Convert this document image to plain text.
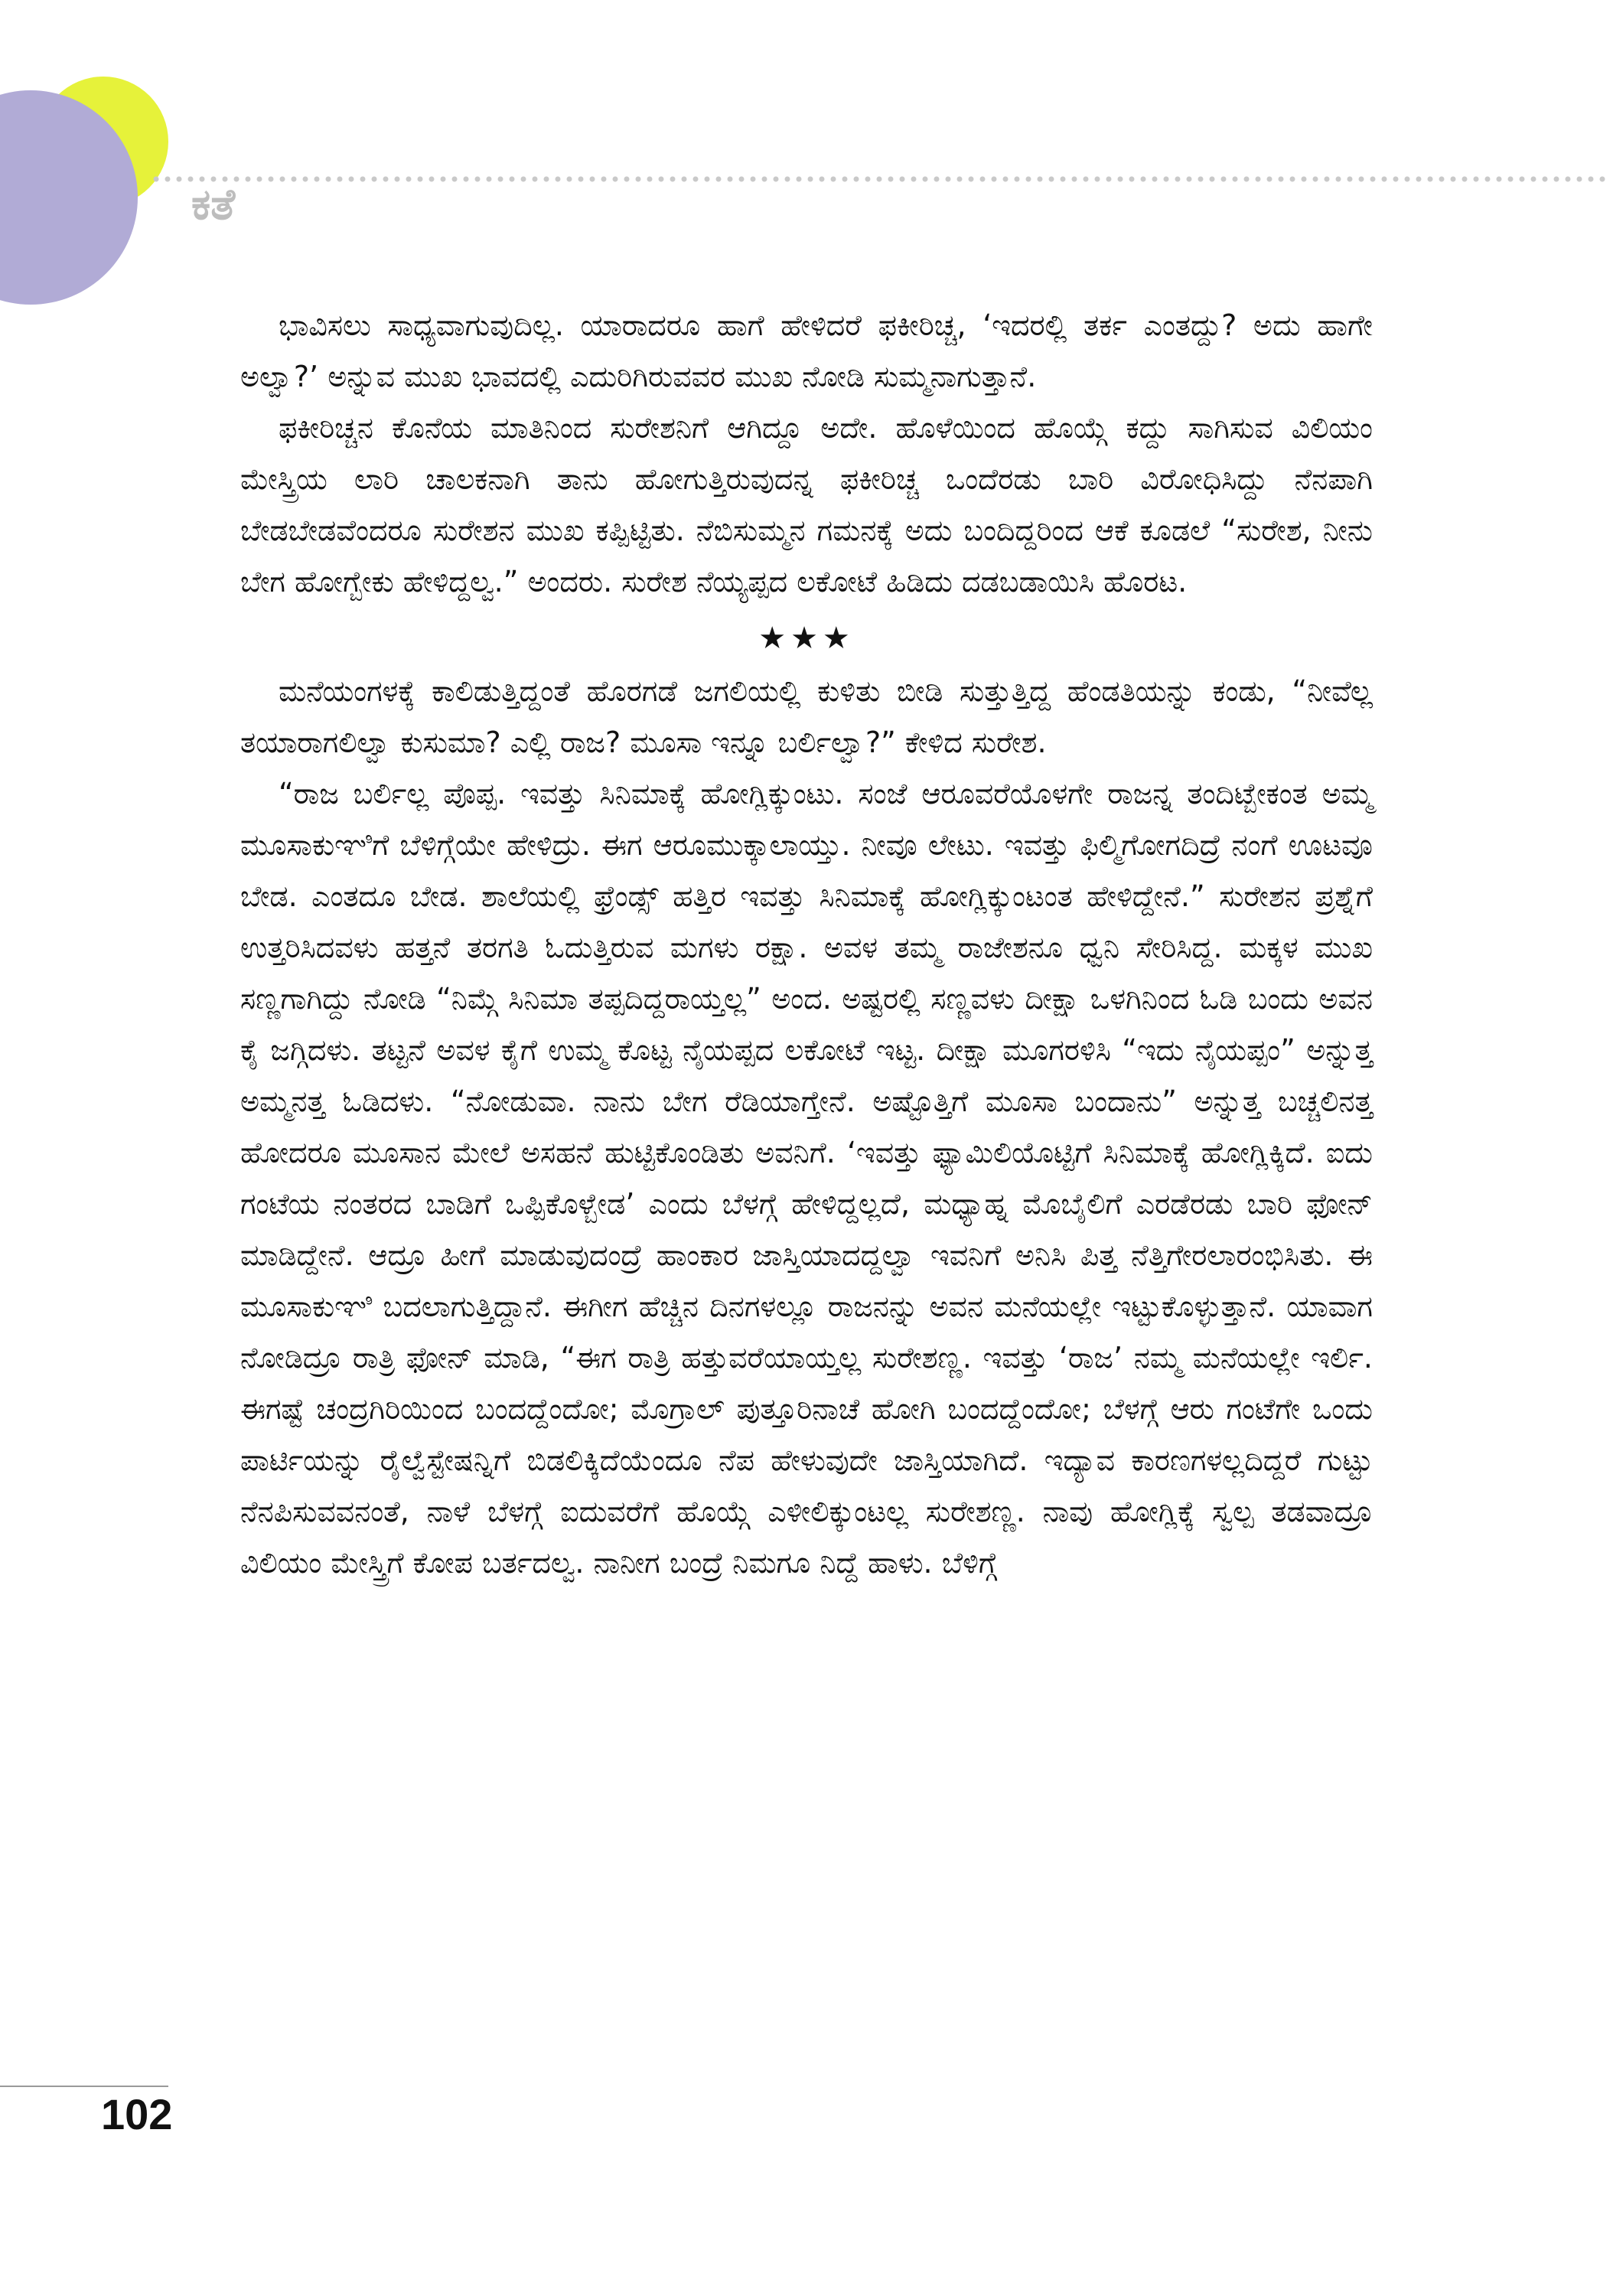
ಕತೆ

ಭಾವಿಸಲು ಸಾಧ್ಯವಾಗುವುದಿಲ್ಲ. ಯಾರಾದರೂ ಹಾಗೆ ಹೇಳಿದರೆ ಫಕೀರಿಚ್ಚ, ‘ಇದರಲ್ಲಿ ತರ್ಕ ಎಂತದ್ದು? ಅದು ಹಾಗೇ ಅಲ್ವಾ?’ ಅನ್ನುವ ಮುಖ ಭಾವದಲ್ಲಿ ಎದುರಿಗಿರುವವರ ಮುಖ ನೋಡಿ ಸುಮ್ಮನಾಗುತ್ತಾನೆ.

ಫಕೀರಿಚ್ಚನ ಕೊನೆಯ ಮಾತಿನಿಂದ ಸುರೇಶನಿಗೆ ಆಗಿದ್ದೂ ಅದೇ. ಹೊಳೆಯಿಂದ ಹೊಯ್ಗೆ ಕದ್ದು ಸಾಗಿಸುವ ವಿಲಿಯಂ ಮೇಸ್ತ್ರಿಯ ಲಾರಿ ಚಾಲಕನಾಗಿ ತಾನು ಹೋಗುತ್ತಿರುವುದನ್ನ ಫಕೀರಿಚ್ಚ ಒಂದೆರಡು ಬಾರಿ ವಿರೋಧಿಸಿದ್ದು ನೆನಪಾಗಿ ಬೇಡಬೇಡವೆಂದರೂ ಸುರೇಶನ ಮುಖ ಕಪ್ಪಿಟ್ಟಿತು. ನೆಬಿಸುಮ್ಮನ ಗಮನಕ್ಕೆ ಅದು ಬಂದಿದ್ದರಿಂದ ಆಕೆ ಕೂಡಲೆ “ಸುರೇಶ, ನೀನು ಬೇಗ ಹೋಗ್ಬೇಕು ಹೇಳಿದ್ದಲ್ವ.” ಅಂದರು. ಸುರೇಶ ನೆಯ್ಯಪ್ಪದ ಲಕೋಟೆ ಹಿಡಿದು ದಡಬಡಾಯಿಸಿ ಹೊರಟ.

★★★

ಮನೆಯಂಗಳಕ್ಕೆ ಕಾಲಿಡುತ್ತಿದ್ದಂತೆ ಹೊರಗಡೆ ಜಗಲಿಯಲ್ಲಿ ಕುಳಿತು ಬೀಡಿ ಸುತ್ತುತ್ತಿದ್ದ ಹೆಂಡತಿಯನ್ನು ಕಂಡು, “ನೀವೆಲ್ಲ ತಯಾರಾಗಲಿಲ್ವಾ ಕುಸುಮಾ? ಎಲ್ಲಿ ರಾಜ? ಮೂಸಾ ಇನ್ನೂ ಬರ್ಲಿಲ್ವಾ?” ಕೇಳಿದ ಸುರೇಶ.

“ರಾಜ ಬರ್ಲಿಲ್ಲ ಪೊಪ್ಪ. ಇವತ್ತು ಸಿನಿಮಾಕ್ಕೆ ಹೋಗ್ಲಿಕ್ಕುಂಟು. ಸಂಜೆ ಆರೂವರೆಯೊಳಗೇ ರಾಜನ್ನ ತಂದಿಟ್ಬೇಕಂತ ಅಮ್ಮ ಮೂಸಾಕುಞಿಗೆ ಬೆಳಿಗ್ಗೆಯೇ ಹೇಳಿದ್ರು. ಈಗ ಆರೂಮುಕ್ಕಾಲಾಯ್ತು. ನೀವೂ ಲೇಟು. ಇವತ್ತು ಫಿಲ್ಮಿಗೋಗದಿದ್ರೆ ನಂಗೆ ಊಟವೂ ಬೇಡ. ಎಂತದೂ ಬೇಡ. ಶಾಲೆಯಲ್ಲಿ ಫ್ರೆಂಡ್ಸ್ ಹತ್ತಿರ ಇವತ್ತು ಸಿನಿಮಾಕ್ಕೆ ಹೋಗ್ಲಿಕ್ಕುಂಟಂತ ಹೇಳಿದ್ದೇನೆ.” ಸುರೇಶನ ಪ್ರಶ್ನೆಗೆ ಉತ್ತರಿಸಿದವಳು ಹತ್ತನೆ ತರಗತಿ ಓದುತ್ತಿರುವ ಮಗಳು ರಕ್ಷಾ. ಅವಳ ತಮ್ಮ ರಾಜೇಶನೂ ಧ್ವನಿ ಸೇರಿಸಿದ್ದ. ಮಕ್ಕಳ ಮುಖ ಸಣ್ಣಗಾಗಿದ್ದು ನೋಡಿ “ನಿಮ್ಗೆ ಸಿನಿಮಾ ತಪ್ಪದಿದ್ದರಾಯ್ತಲ್ಲ” ಅಂದ. ಅಷ್ಟರಲ್ಲಿ ಸಣ್ಣವಳು ದೀಕ್ಷಾ ಒಳಗಿನಿಂದ ಓಡಿ ಬಂದು ಅವನ ಕೈ ಜಗ್ಗಿದಳು. ತಟ್ಟನೆ ಅವಳ ಕೈಗೆ ಉಮ್ಮ ಕೊಟ್ಟ ನೈಯಪ್ಪದ ಲಕೋಟೆ ಇಟ್ಟ. ದೀಕ್ಷಾ ಮೂಗರಳಿಸಿ “ಇದು ನೈಯಪ್ಪಂ” ಅನ್ನುತ್ತ ಅಮ್ಮನತ್ತ ಓಡಿದಳು. “ನೋಡುವಾ. ನಾನು ಬೇಗ ರೆಡಿಯಾಗ್ತೇನೆ. ಅಷ್ಟೊತ್ತಿಗೆ ಮೂಸಾ ಬಂದಾನು” ಅನ್ನುತ್ತ ಬಚ್ಚಲಿನತ್ತ ಹೋದರೂ ಮೂಸಾನ ಮೇಲೆ ಅಸಹನೆ ಹುಟ್ಟಿಕೊಂಡಿತು ಅವನಿಗೆ. ‘ಇವತ್ತು ಫ್ಯಾಮಿಲಿಯೊಟ್ಟಿಗೆ ಸಿನಿಮಾಕ್ಕೆ ಹೋಗ್ಲಿಕ್ಕಿದೆ. ಐದು ಗಂಟೆಯ ನಂತರದ ಬಾಡಿಗೆ ಒಪ್ಪಿಕೊಳ್ಬೇಡ’ ಎಂದು ಬೆಳಗ್ಗೆ ಹೇಳಿದ್ದಲ್ಲದೆ, ಮಧ್ಯಾಹ್ನ ಮೊಬೈಲಿಗೆ ಎರಡೆರಡು ಬಾರಿ ಫೋನ್ ಮಾಡಿದ್ದೇನೆ. ಆದ್ರೂ ಹೀಗೆ ಮಾಡುವುದಂದ್ರೆ ಹಾಂಕಾರ ಜಾಸ್ತಿಯಾದದ್ದಲ್ವಾ ಇವನಿಗೆ ಅನಿಸಿ ಪಿತ್ತ ನೆತ್ತಿಗೇರಲಾರಂಭಿಸಿತು. ಈ ಮೂಸಾಕುಞಿ ಬದಲಾಗುತ್ತಿದ್ದಾನೆ. ಈಗೀಗ ಹೆಚ್ಚಿನ ದಿನಗಳಲ್ಲೂ ರಾಜನನ್ನು ಅವನ ಮನೆಯಲ್ಲೇ ಇಟ್ಟುಕೊಳ್ಳುತ್ತಾನೆ. ಯಾವಾಗ ನೋಡಿದ್ರೂ ರಾತ್ರಿ ಫೋನ್ ಮಾಡಿ, “ಈಗ ರಾತ್ರಿ ಹತ್ತುವರೆಯಾಯ್ತಲ್ಲ ಸುರೇಶಣ್ಣ. ಇವತ್ತು ‘ರಾಜ’ ನಮ್ಮ ಮನೆಯಲ್ಲೇ ಇರ್ಲಿ. ಈಗಷ್ಟೆ ಚಂದ್ರಗಿರಿಯಿಂದ ಬಂದದ್ದೆಂದೋ; ಮೊಗ್ರಾಲ್ ಪುತ್ತೂರಿನಾಚೆ ಹೋಗಿ ಬಂದದ್ದೆಂದೋ; ಬೆಳಗ್ಗೆ ಆರು ಗಂಟೆಗೇ ಒಂದು ಪಾರ್ಟಿಯನ್ನು ರೈಲ್ವೆಸ್ಟೇಷನ್ನಿಗೆ ಬಿಡಲಿಕ್ಕಿದೆಯೆಂದೂ ನೆಪ ಹೇಳುವುದೇ ಜಾಸ್ತಿಯಾಗಿದೆ. ಇದ್ಯಾವ ಕಾರಣಗಳಲ್ಲದಿದ್ದರೆ ಗುಟ್ಟು ನೆನಪಿಸುವವನಂತೆ, ನಾಳೆ ಬೆಳಗ್ಗೆ ಐದುವರೆಗೆ ಹೊಯ್ಗೆ ಎಳೀಲಿಕ್ಕುಂಟಲ್ಲ ಸುರೇಶಣ್ಣ. ನಾವು ಹೋಗ್ಲಿಕ್ಕೆ ಸ್ವಲ್ಪ ತಡವಾದ್ರೂ ವಿಲಿಯಂ ಮೇಸ್ತ್ರಿಗೆ ಕೋಪ ಬರ್ತದಲ್ವ. ನಾನೀಗ ಬಂದ್ರೆ ನಿಮಗೂ ನಿದ್ದೆ ಹಾಳು. ಬೆಳಿಗ್ಗೆ

102
